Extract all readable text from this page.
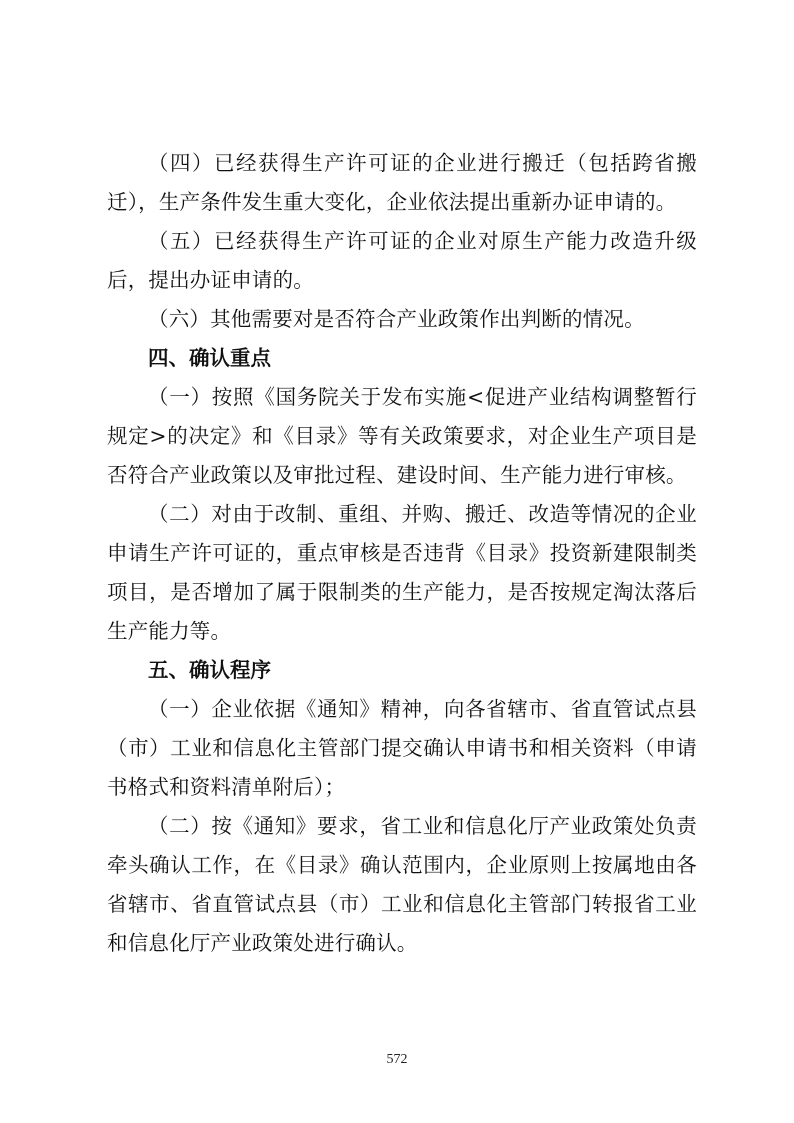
（四）已经获得生产许可证的企业进行搬迁（包括跨省搬迁），生产条件发生重大变化，企业依法提出重新办证申请的。

（五）已经获得生产许可证的企业对原生产能力改造升级后，提出办证申请的。

（六）其他需要对是否符合产业政策作出判断的情况。

四、确认重点

（一）按照《国务院关于发布实施<促进产业结构调整暂行规定>的决定》和《目录》等有关政策要求，对企业生产项目是否符合产业政策以及审批过程、建设时间、生产能力进行审核。

（二）对由于改制、重组、并购、搬迁、改造等情况的企业申请生产许可证的，重点审核是否违背《目录》投资新建限制类项目，是否增加了属于限制类的生产能力，是否按规定淘汰落后生产能力等。

五、确认程序

（一）企业依据《通知》精神，向各省辖市、省直管试点县（市）工业和信息化主管部门提交确认申请书和相关资料（申请书格式和资料清单附后）；

（二）按《通知》要求，省工业和信息化厅产业政策处负责牵头确认工作，在《目录》确认范围内，企业原则上按属地由各省辖市、省直管试点县（市）工业和信息化主管部门转报省工业和信息化厅产业政策处进行确认。

572
